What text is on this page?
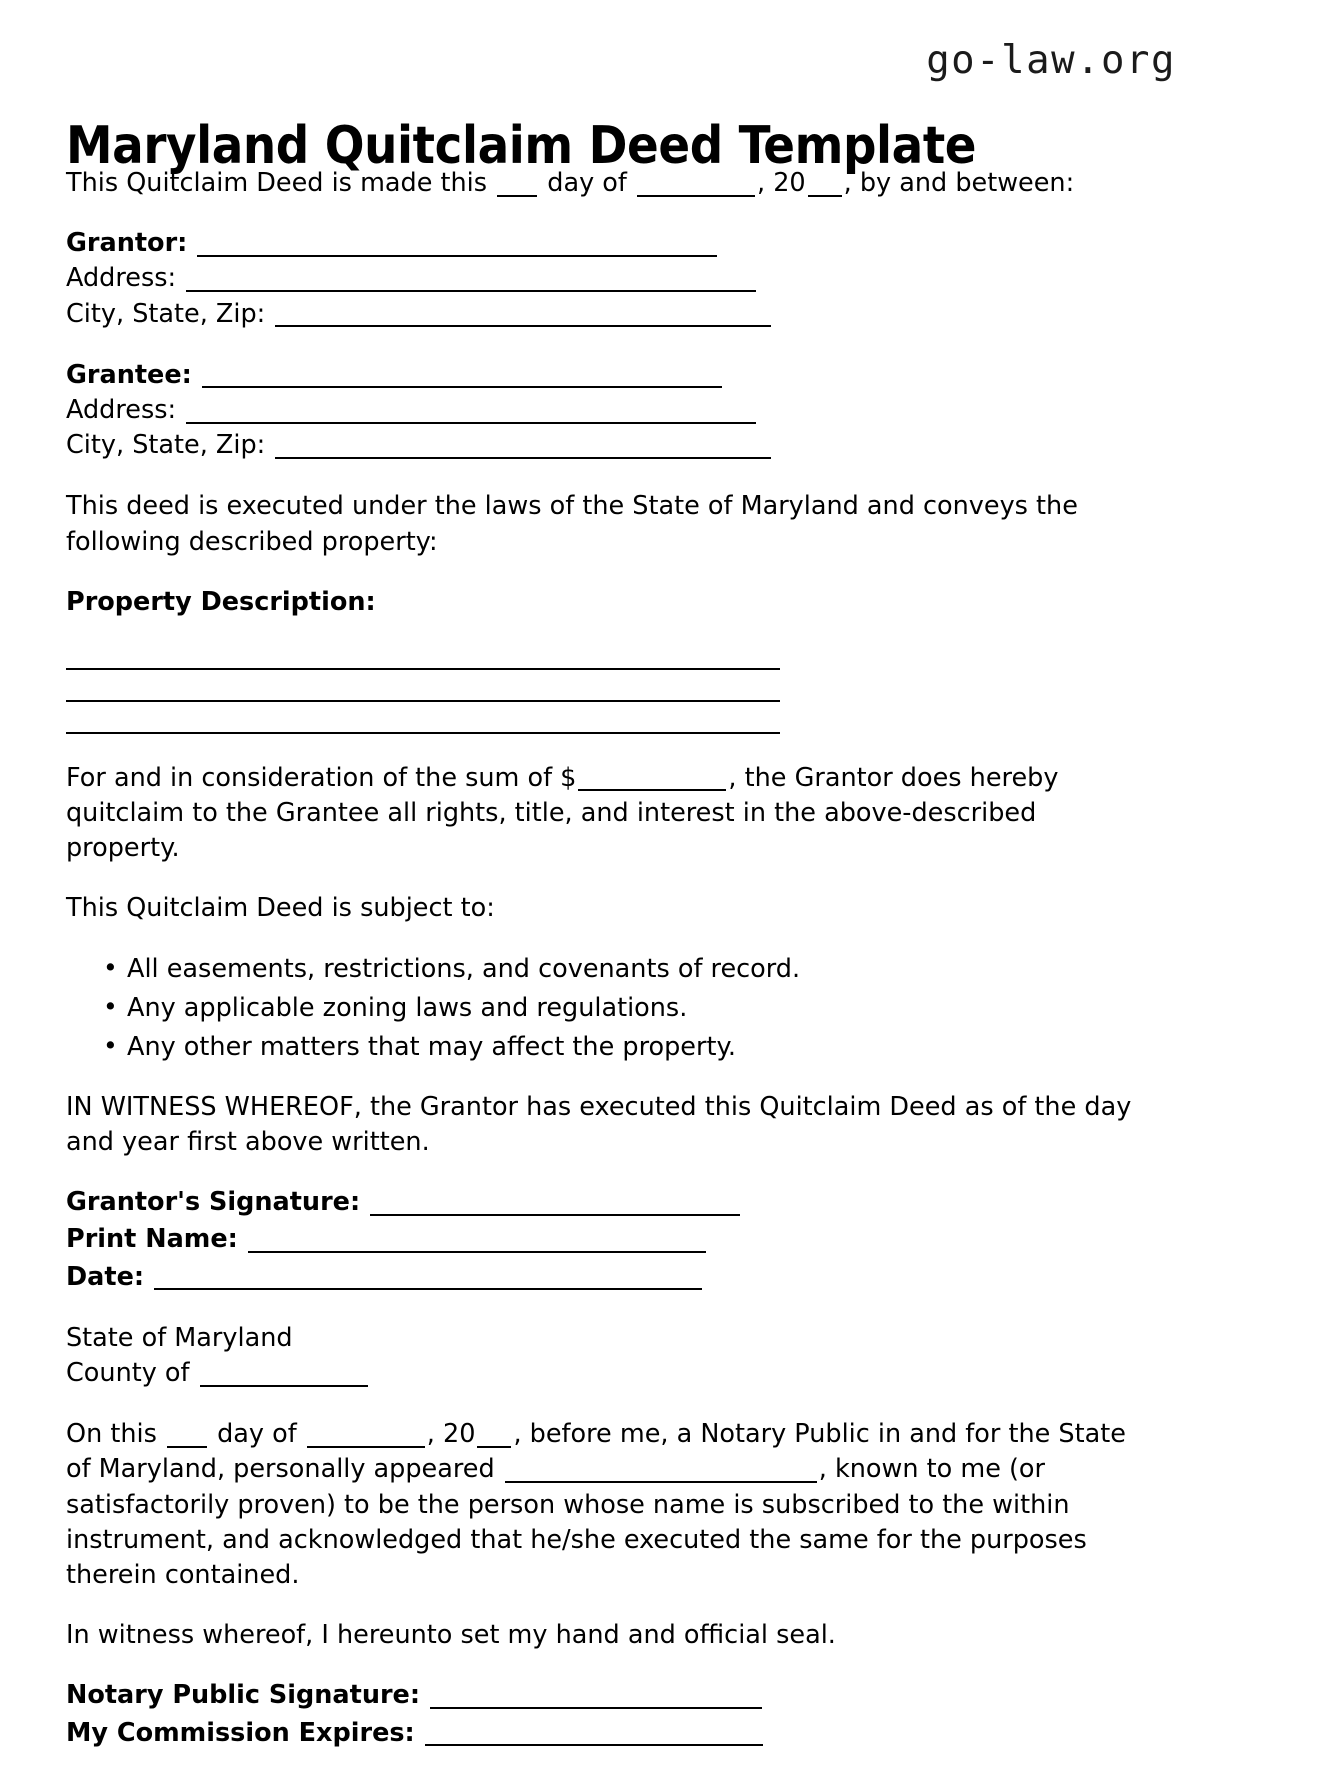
go-law.org
Maryland Quitclaim Deed Template

This Quitclaim Deed is made this day of	, 20 , by and between:

Grantor:
Address:
City, State, Zip:
Grantee:
Address:
City, State, Zip:

This deed is executed under the laws of the State of Maryland and conveys the following described property:

Property Description:

For and in consideration of the sum of $	, the Grantor does hereby quitclaim to the Grantee all rights, title, and interest in the above-described property.

This Quitclaim Deed is subject to:

• All easements, restrictions, and covenants of record.
• Any applicable zoning laws and regulations.
• Any other matters that may affect the property.

IN WITNESS WHEREOF, the Grantor has executed this Quitclaim Deed as of the day and year first above written.

Grantor's Signature:
Print Name:
Date:
State of Maryland
County of

On this day of	, 20 , before me, a Notary Public in and for the State of Maryland, personally appeared	, known to me (or satisfactorily proven) to be the person whose name is subscribed to the within instrument, and acknowledged that he/she executed the same for the purposes therein contained.

In witness whereof, I hereunto set my hand and official seal.

Notary Public Signature:
My Commission Expires:
